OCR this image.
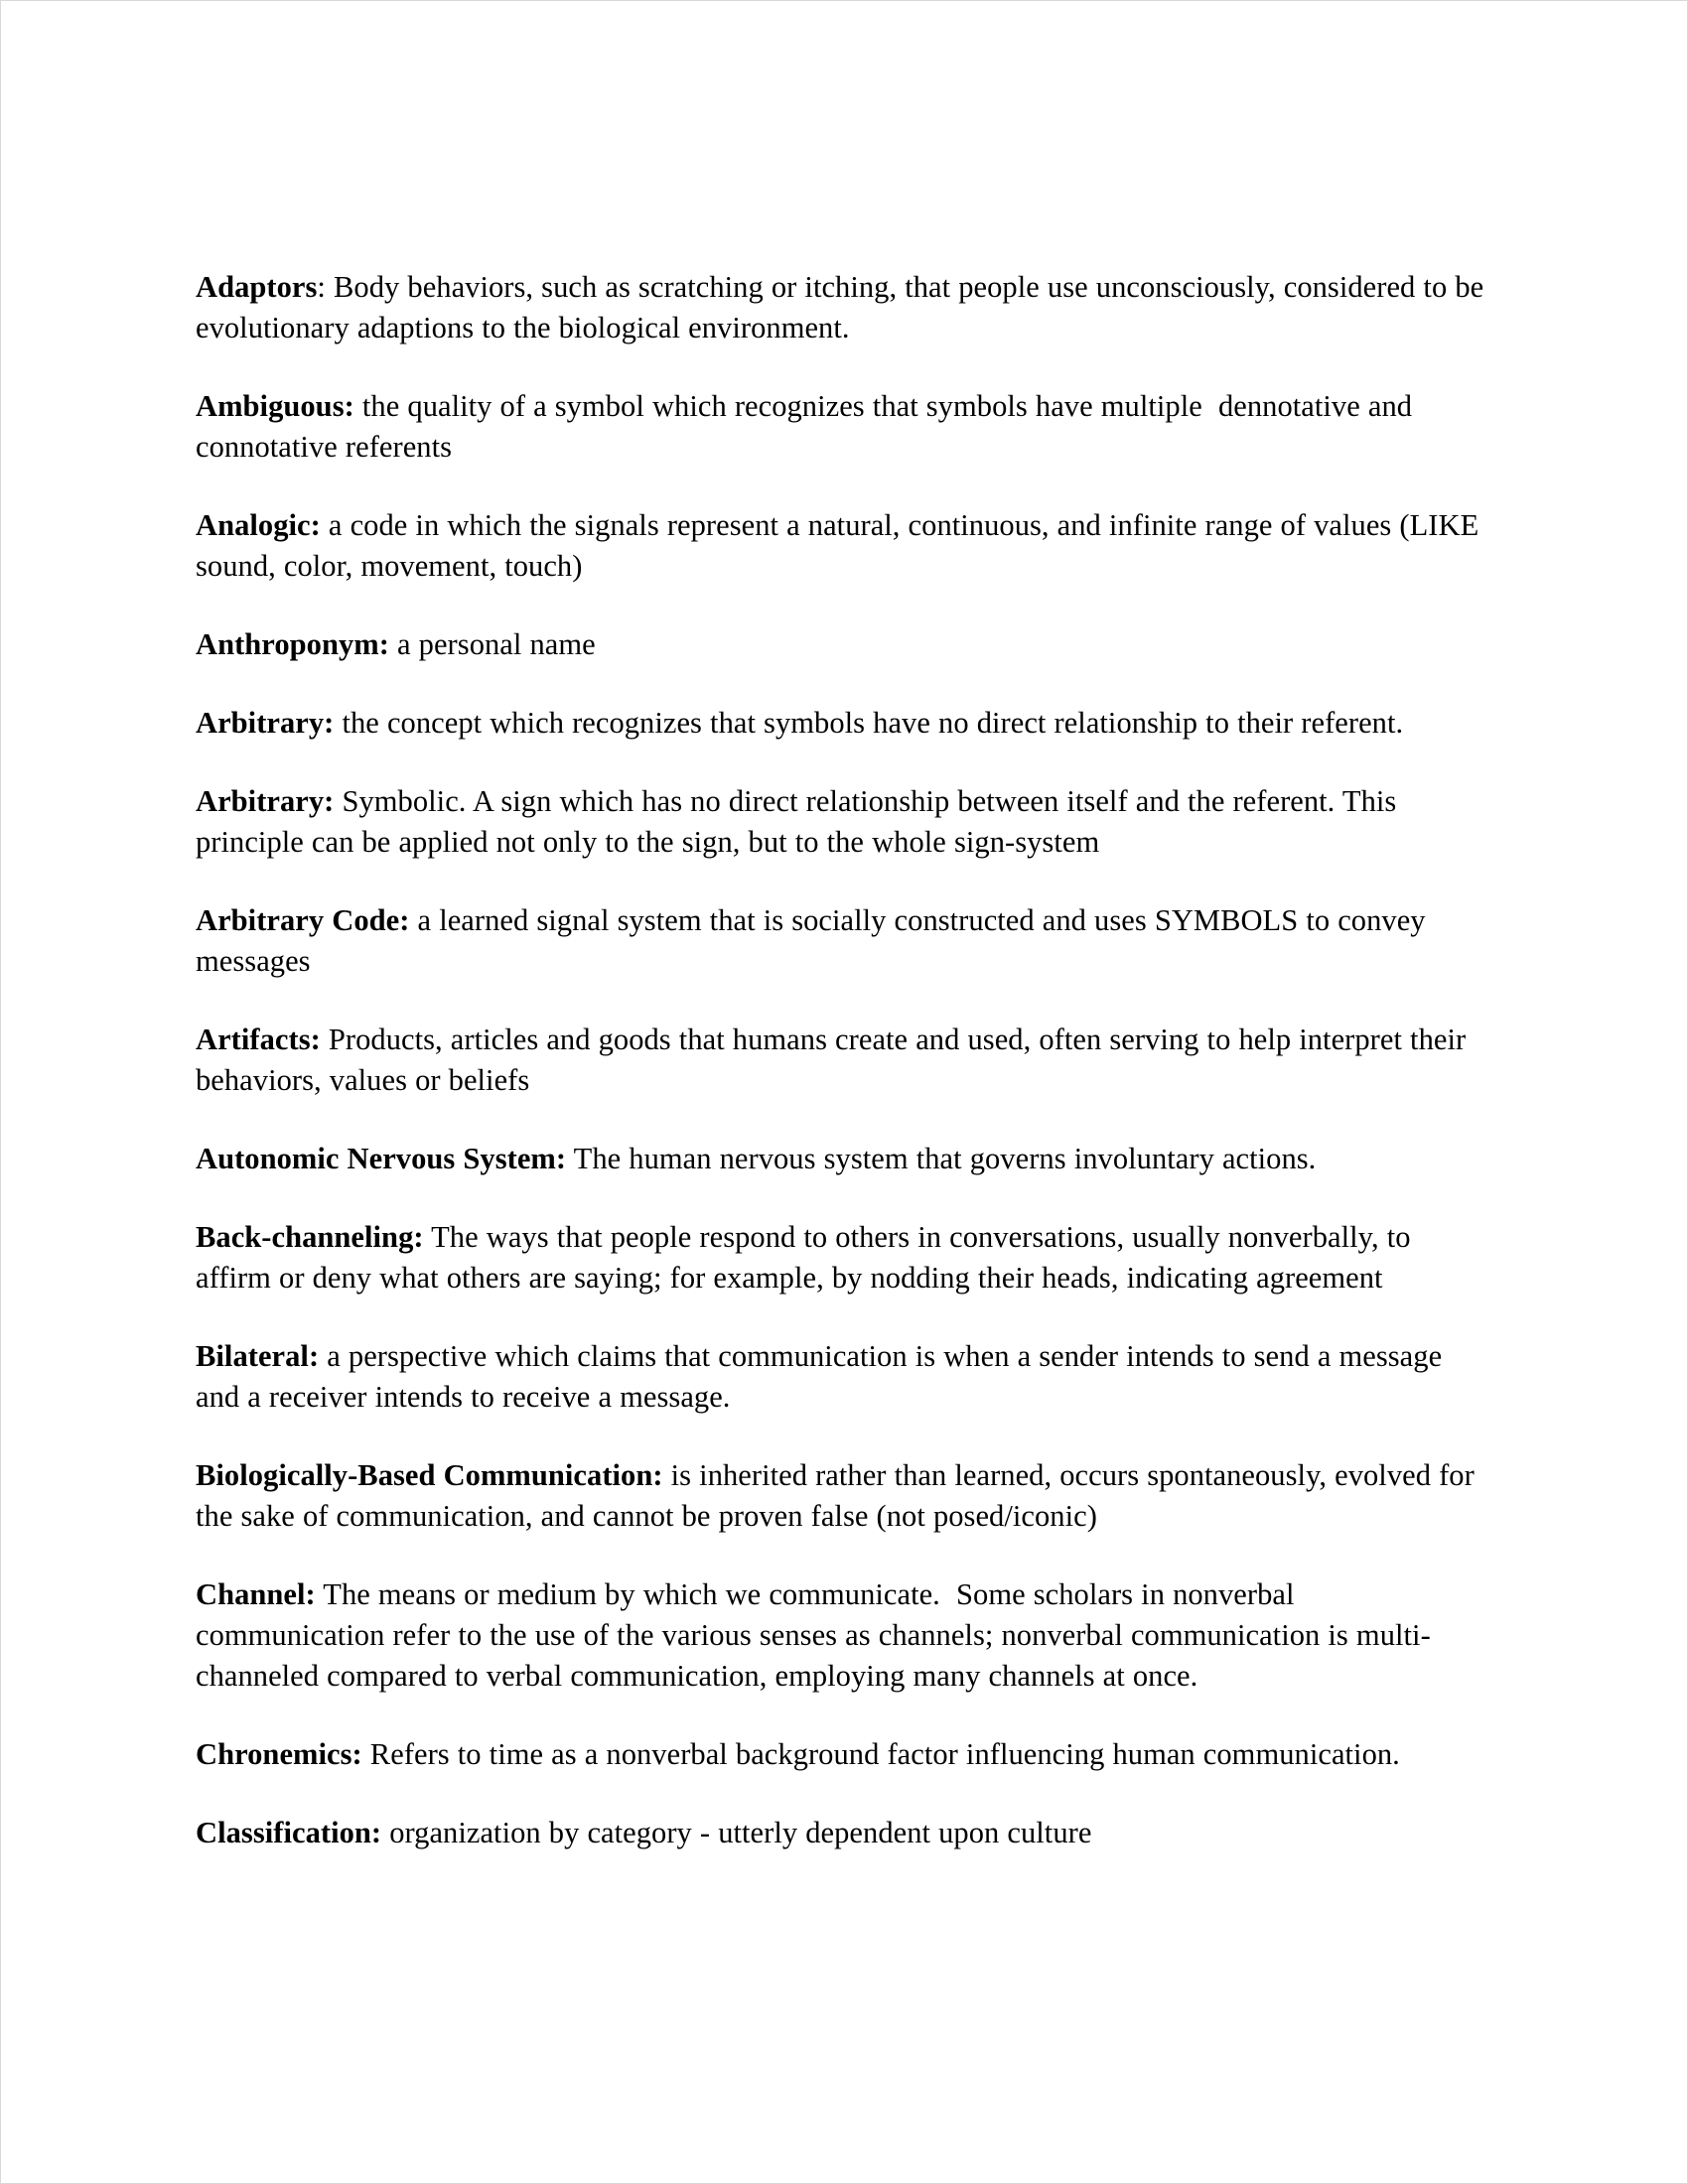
Adaptors: Body behaviors, such as scratching or itching, that people use unconsciously, considered to be evolutionary adaptions to the biological environment.

Ambiguous: the quality of a symbol which recognizes that symbols have multiple  dennotative and connotative referents

Analogic: a code in which the signals represent a natural, continuous, and infinite range of values (LIKE sound, color, movement, touch)

Anthroponym: a personal name

Arbitrary: the concept which recognizes that symbols have no direct relationship to their referent.

Arbitrary: Symbolic. A sign which has no direct relationship between itself and the referent. This principle can be applied not only to the sign, but to the whole sign-system

Arbitrary Code: a learned signal system that is socially constructed and uses SYMBOLS to convey messages

Artifacts: Products, articles and goods that humans create and used, often serving to help interpret their behaviors, values or beliefs

Autonomic Nervous System: The human nervous system that governs involuntary actions.

Back-channeling: The ways that people respond to others in conversations, usually nonverbally, to affirm or deny what others are saying; for example, by nodding their heads, indicating agreement

Bilateral: a perspective which claims that communication is when a sender intends to send a message and a receiver intends to receive a message.

Biologically-Based Communication: is inherited rather than learned, occurs spontaneously, evolved for the sake of communication, and cannot be proven false (not posed/iconic)

Channel: The means or medium by which we communicate.  Some scholars in nonverbal communication refer to the use of the various senses as channels; nonverbal communication is multi-channeled compared to verbal communication, employing many channels at once.

Chronemics: Refers to time as a nonverbal background factor influencing human communication.

Classification: organization by category - utterly dependent upon culture
